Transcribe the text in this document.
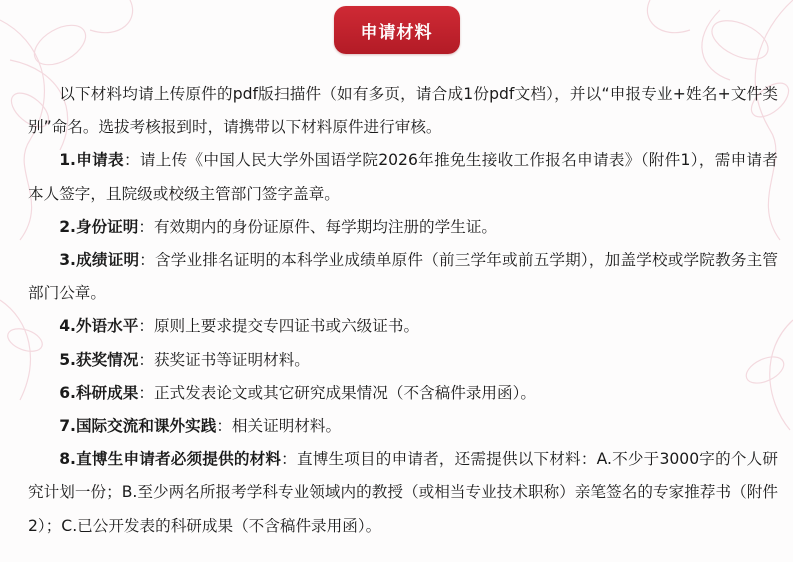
申请材料

以下材料均请上传原件的pdf版扫描件（如有多页，请合成1份pdf文档），并以“申报专业+姓名+文件类别”命名。选拔考核报到时，请携带以下材料原件进行审核。

1.申请表：请上传《中国人民大学外国语学院2026年推免生接收工作报名申请表》（附件1），需申请者本人签字，且院级或校级主管部门签字盖章。

2.身份证明：有效期内的身份证原件、每学期均注册的学生证。

3.成绩证明：含学业排名证明的本科学业成绩单原件（前三学年或前五学期），加盖学校或学院教务主管部门公章。

4.外语水平：原则上要求提交专四证书或六级证书。

5.获奖情况：获奖证书等证明材料。

6.科研成果：正式发表论文或其它研究成果情况（不含稿件录用函）。

7.国际交流和课外实践：相关证明材料。

8.直博生申请者必须提供的材料：直博生项目的申请者，还需提供以下材料：A.不少于3000字的个人研究计划一份；B.至少两名所报考学科专业领域内的教授（或相当专业技术职称）亲笔签名的专家推荐书（附件2）；C.已公开发表的科研成果（不含稿件录用函）。
